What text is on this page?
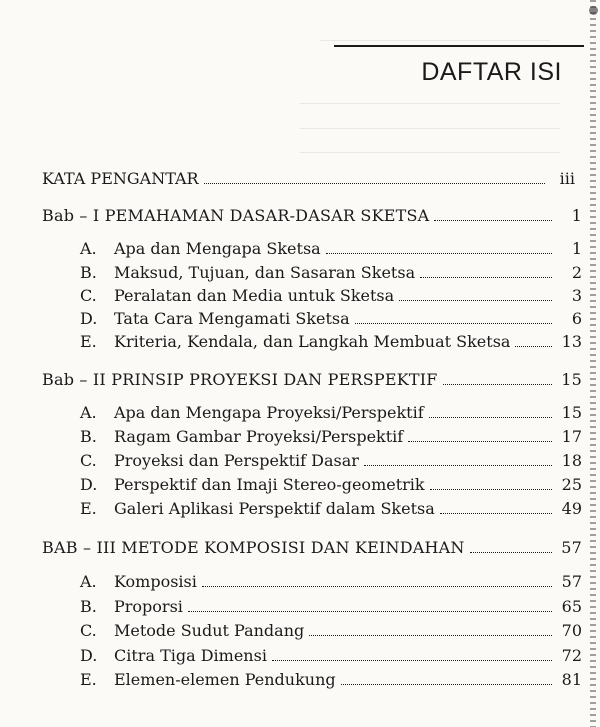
DAFTAR ISI
KATA PENGANTAR	iii
Bab – I PEMAHAMAN DASAR-DASAR SKETSA	1
A.	Apa dan Mengapa Sketsa	1
B.	Maksud, Tujuan, dan Sasaran Sketsa	2
C.	Peralatan dan Media untuk Sketsa	3
D.	Tata Cara Mengamati Sketsa	6
E.	Kriteria, Kendala, dan Langkah Membuat Sketsa	13
Bab – II PRINSIP PROYEKSI DAN PERSPEKTIF	15
A.	Apa dan Mengapa Proyeksi/Perspektif	15
B.	Ragam Gambar Proyeksi/Perspektif	17
C.	Proyeksi dan Perspektif Dasar	18
D.	Perspektif dan Imaji Stereo-geometrik	25
E.	Galeri Aplikasi Perspektif dalam Sketsa	49
BAB – III METODE KOMPOSISI DAN KEINDAHAN	57
A.	Komposisi	57
B.	Proporsi	65
C.	Metode Sudut Pandang	70
D.	Citra Tiga Dimensi	72
E.	Elemen-elemen Pendukung	81
